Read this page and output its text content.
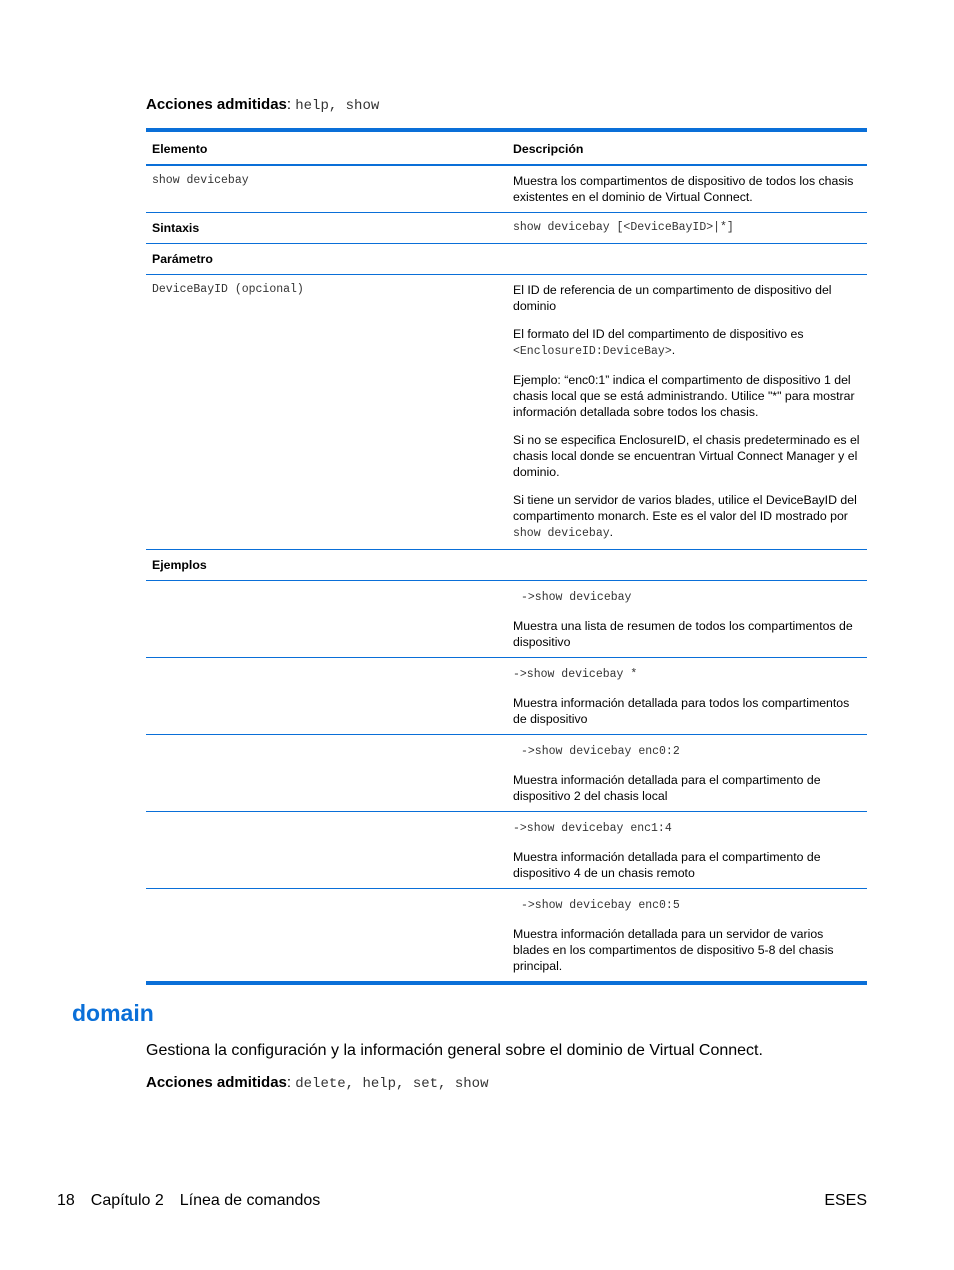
Acciones admitidas: help, show
Elemento	Descripción
show devicebay	Muestra los compartimentos de dispositivo de todos los chasis existentes en el dominio de Virtual Connect.
Sintaxis	show devicebay [<DeviceBayID>|*]
Parámetro	
DeviceBayID (opcional)	El ID de referencia de un compartimento de dispositivo del dominio

El formato del ID del compartimento de dispositivo es <EnclosureID:DeviceBay>.

Ejemplo: “enc0:1” indica el compartimento de dispositivo 1 del chasis local que se está administrando. Utilice "*" para mostrar información detallada sobre todos los chasis.

Si no se especifica EnclosureID, el chasis predeterminado es el chasis local donde se encuentran Virtual Connect Manager y el dominio.

Si tiene un servidor de varios blades, utilice el DeviceBayID del compartimento monarch. Este es el valor del ID mostrado por show devicebay.

Ejemplos	

	->show devicebay

Muestra una lista de resumen de todos los compartimentos de dispositivo

	->show devicebay *

Muestra información detallada para todos los compartimentos de dispositivo

	->show devicebay enc0:2

Muestra información detallada para el compartimento de dispositivo 2 del chasis local

	->show devicebay enc1:4

Muestra información detallada para el compartimento de dispositivo 4 de un chasis remoto

	->show devicebay enc0:5

Muestra información detallada para un servidor de varios blades en los compartimentos de dispositivo 5-8 del chasis principal.

domain

Gestiona la configuración y la información general sobre el dominio de Virtual Connect.

Acciones admitidas: delete, help, set, show
18 Capítulo 2 Línea de comandos	ESES
